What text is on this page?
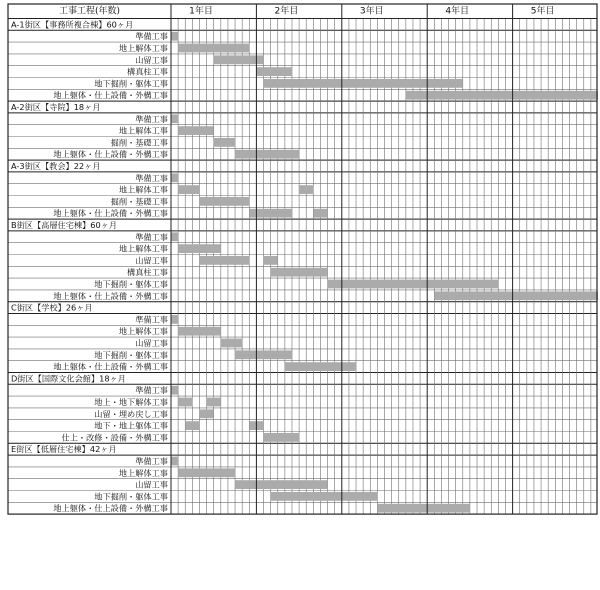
工事工程(年数)	1年目	2年目	3年目	4年目	5年目
A-1街区【事務所複合棟】60ヶ月
準備工事
地上解体工事
山留工事
構真柱工事
地下掘削・躯体工事
地上躯体・仕上設備・外構工事
A-2街区【寺院】18ヶ月
準備工事
地上解体工事
掘削・基礎工事
地上躯体・仕上設備・外構工事
A-3街区【教会】22ヶ月
準備工事
地上解体工事
掘削・基礎工事
地上躯体・仕上設備・外構工事
B街区【高層住宅棟】60ヶ月
準備工事
地上解体工事
山留工事
構真柱工事
地下掘削・躯体工事
地上躯体・仕上設備・外構工事
C街区【学校】26ヶ月
準備工事
地上解体工事
山留工事
地下掘削・躯体工事
地上躯体・仕上設備・外構工事
D街区【国際文化会館】18ヶ月
準備工事
地上・地下解体工事
山留・埋め戻し工事
地下・地上躯体工事
仕上・改修・設備・外構工事
E街区【低層住宅棟】42ヶ月
準備工事
地上解体工事
山留工事
地下掘削・躯体工事
地上躯体・仕上設備・外構工事
